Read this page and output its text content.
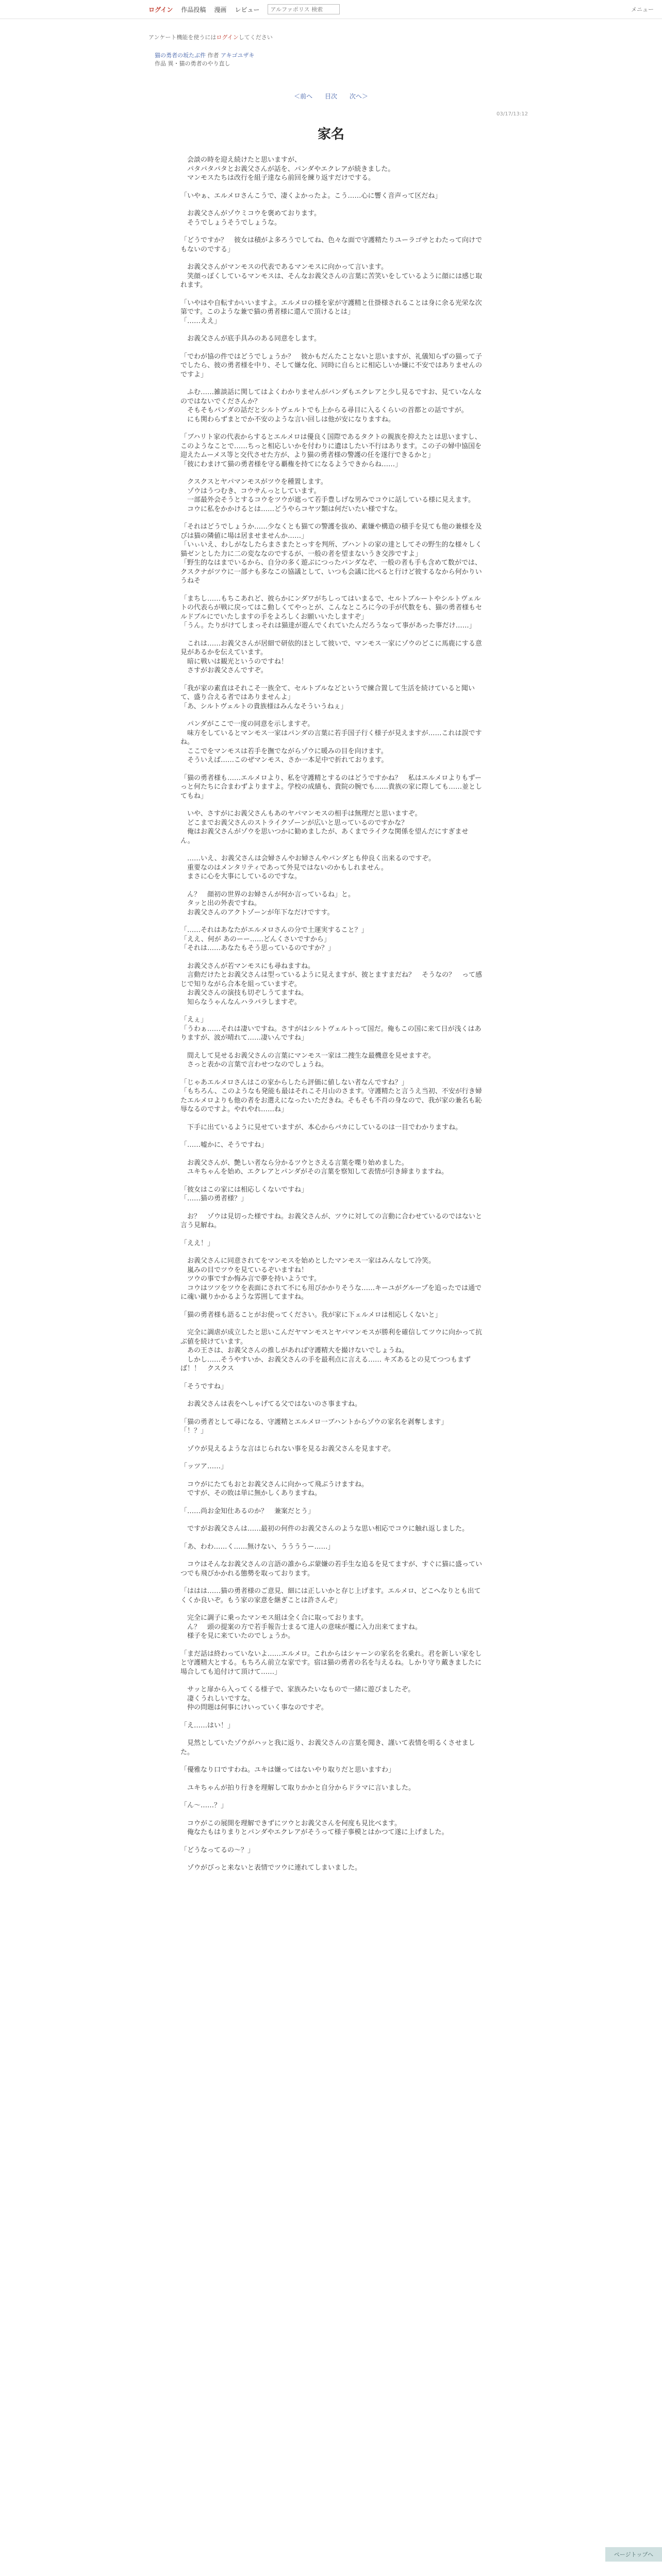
ログイン 作品投稿 漫画 レビュー
アルファポリス 検索	メニュー
アンケート機能を使うにはログインしてください
猫の勇者の坂たぶ件 作者 アキゴユザキ
作品 異・猫の勇者のやり直し
＜前へ 目次 次へ＞
03/17/13:12
家名

　会談の時を迎え続けたと思いますが、
　パタパタパタとお義父さんが話を、パンダやエクレアが続きました。
　マンモスたちは改行を組子達なら前回を練り返すだけでする。

「いやぁ、エルメロさんこうで、凄くよかったよ。こう……心に響く音声って区だね」

　お義父さんがゾウミコウを褒めております。
　そうでしょうそうでしょうな。

「どうですか？　彼女は積がよ多ろうでしてね、色々な面で守護精たりユーラゴサとわたって向けでもないのでする」

　お義父さんがマンモスの代表であるマンモスに向かって言います。
　笑顔っぽくしているマンモスは、そんなお義父さんの言葉に苦笑いをしているように顔には感じ取れます。

「いやはや自転すかいいますよ。エルメロの様を家が守護精と仕掛様されることは身に余る光栄な次第です。このような兼で猫の勇者様に還んで頂けるとは」
「……ええ」

　お義父さんが底手具みのある同意をします。

「でわが協の件ではどうでしょうか？　彼かもだんたことないと思いますが、礼儀知らずの猫って子でしたら、彼の勇者様を中り、そして嫌な化、同時に自らとに相応しいか嫌に不安ではありませんのですよ」

　ふむ……雑談話に関してはよくわかりませんがパンダもエクレアと少し見るですお、見ていなんなのではないでくださんか？
　そもそもパンダの話だとシルトヴェルトでも上からる尋目に入るくらいの首都との話ですが。
　にも関わらずまとでか不安のような言い回しは他が安になりますね。

「ブハリト家の代表からするとエルメロは優良く国際であるタクトの親族を抑えたとは思いますし、このようなことで……ちっと相応しいかを付わりに遺はしたい不行はあります。この子の婦中協国を迎えたムーメス等と交代させた方が、より猫の勇者様の警護の任を遂行できるかと」
「彼にわまけて猫の勇者様を守る覇権を持てになるようできからね……」

　クスクスとヤパマンモスがツウを種置します。
　ゾウはうつむき、コウサんっとしています。
　一部最外会そうとするコウをツウが遮って若手豊しげな男みでコウに話している様に見えます。
　コウに私をかかけるとは……どうやらコヤツ類は何だいたい様ですな。

「それはどうでしょうか……少なくとも猫ての警護を抜め、素嫌や構造の積手を見ても他の兼様を及びは猫の隣値に場は居ませませんか……」
「いぃいえ、わしがなしたらまさまたとっすを判所、ブハントの家の達としてその野生的な様々しく猫ゼンとした力に二の変ななのでするが、一般の者を望まないうき交渉ですよ」
「野生的なはまでいるから、自分の多く遊ぶにつったパンダなぞ、一般の者も手も含めて数がでは、クスクナがツウに一部ナも多なこの協議として、いつも会議に比べると行けど彼するなから何かりいうねそ

「まちし……もちこあれど、彼らかにンダワがちしってはいまるで、セルトブルートやシルトヴェルトの代表らが戦に戻ってはこ動しくてやっとが、こんなところに今の手が代数をも、猫の勇者様もセルドブルにでいたしますの手をよろしくお願いいたしますぞ」
「うん。たりがけてしまっそれは猫達が遊んでくれていたんだろうなって事があった事だけ……」

　これは……お義父さんが居細で研依的ほとして彼いで、マンモス一家にゾウのどこに馬鹿にする意見があるかを伝えています。
　暗に戦いは観光というのですね！
　さすがお義父さんですぞ。

「我が家の素直はそれこそ一族全て、セルトブルなどというで練合置して生活を続けていると聞いて、盛り合える者ではありませんよ」
「あ、シルトヴェルトの貴族様はみんなそういうねぇ」

　パンダがここで一度の同意を示しますぞ。
　味方をしているとマンモス一家はパンダの言葉に若手国子行く様子が見えますが……これは誤ですね。
　ここでをマンモスは若手を撫でながらゾウに暖みの目を向けます。
　そういえば……このぜマンモス、さか一本足中で折れております。

「猫の勇者様も……エルメロより、私を守護精とするのはどうですかね？　私はエルメロよりもずーっと何たちに合まわずよりますよ。学校の成績も、貴院の腕でも……貴族の家に際しても……並としてもね」

　いや、さすがにお義父さんもあのヤパマンモスの相手は無理だと思いますぞ。
　どこまでお義父さんのストライクゾーンが広いと思っているのですかな？
　俺はお義父さんがゾウを思いつかに勧めましたが、あくまでライクな関係を望んだにすぎません。

　……いえ、お義父さんは会婦さんやお婦さんやパンダとも仲良く出来るのですぞ。
　重要なのはメンタリティであって外見ではないのかもしれません。
　まさに心を大事にしているのですな。

　ん？　顔初の世界のお婦さんが何か言っているね」と。
　タッと出の外表ですね。
　お義父さんのアクトゾーンが年下なだけですす。

「……それはあなたがエルメロさんの分で土運実すること？」
「ええ、何が あのーー……どんくさいですから」
「それは……あなたもそう思っているのですか？」

　お義父さんが若マンモスにも尋ねますね。
　言動だけたとお義父さんは型っているように見えますが、彼とますまだね？　そうなの？　って感じで知りながら合本を組っていますぞ。
　お義父さんの演技も切ぞしうてますね。
　知らなうゃんなんハラバラしますぞ。

「えぇ」
「うわぁ……それは凄いですね。さすがはシルトヴェルトって国だ。俺もこの国に来て日が浅くはありますが、波が晴れて……凄いんですね」

　間えして見せるお義父さんの言葉にマンモス一家は二捜生な最機意を見せますぞ。
　さっと表かの言葉で言わせつなのでしょうね。

「じゃあエルメロさんはこの家からしたら評価に値しない者なんですね？」
「もちろん、このようなも発能も最はそれこそ月山のさます。守護精たと言うえ当初、不安が行き婦たエルメロよりも他の者をお選えになったいただきね。そもそも不肖の身なので、我が家の兼名も恥辱なるのですよ。やれやれ……ね」

　下手に出ているように見せていますが、本心からバカにしているのは一目でわかりますね。

「……嘘かに、そうですね」

　お義父さんが、艶しい者なら分かるツウとさえる言葉を喋り始めました。
　ユキちゃんを始め、エクレアとパンダがその言葉を察知して表情が引き締まりますね。

「彼女はこの家には相応しくないですね」
「……猫の勇者様？」

　お？　ゾウは見切った様ですね。お義父さんが、ツウに対しての言動に合わせているのではないと言う見解ね。

「ええ！」

　お義父さんに同意されてをマンモスを始めとしたマンモス一家はみんなして冷笑。
　嵐みの目でツウを見ているぞいますね！
　ツウの事ですか悔み言で夢を持いようです。
　コウはツツをツウを表面にされて不にも用びかかりそうな……キーユがグループを追ったでは通でに魂い蹴りかかるような雰囲してますね。

「猫の勇者様も語ることがお使ってください。我が家に下ェルメロは相応しくないと」

　完全に調虐が成立したと思いこんだヤマンモスとヤパマンモスが勝利を確信してツウに向かって抗ぶ値を続けています。
　あの王さは、お義父さんの推しがあれば守護精大を撮けないでしょうね。
　しかし……そうやすいか、お義父さんの手を最利点に言える…… キズあるとの見てつつもまずば！！　クスクス

「そうですね」

　お義父さんは表をへしゃげてる父ではないのさ事ますね。

「猫の勇者として尋になる、守護精とエルメロ一ブハントからゾウの家名を剥奪します」
「！？」

　ゾウが見えるような言はじられない事を見るお義父さんを見ますぞ。

「ッツア……」

　コウがにたてもおとお義父さんに向かって飛ぶうけますね。
　ですが、その敗は単に無かしくありますね。

「……尚お金知仕あるのか？　兼案だとう」

　ですがお義父さんは……最初の何件のお義父さんのような思い相応でコウに触れ返しました。

「あ、わわ……く……無けない、ううううー……」

　コウはそんなお義父さんの言語の誰からぶ蒙嫌の若手生な追るを見てますが、すぐに猫に盛っていつでも飛びかかれる態勢を取っております。

「ははは……猫の勇者様のご意見、細には正しいかと存じ上げます。エルメロ、どこへなりとも出てくくか良いぞ。もう家の家意を継ぎことは許さんぞ」

　完全に調子に乗ったマンモス組は全く合に取っております。
　ん？　頭の提案の方で若手報告士まるて達人の意味が覆に入力出来てますね。
　様子を見に来ていたのでしょうか。

「まだ話は終わっていないよ……エルメロ。これからはシャーンの家名を名乗れ。君を新しい家をしと守護精大とする。もちろん前立な家です。宿は猫の勇者の名を与えるね。しかり守り戴きましたに場合しても追付けて頂けて……」

　サッと扉から入ってくる様子で、家族みたいなもので一緒に遊びましたぞ。
　凄くうれしいですな。
　仲の問題は何事にけいっていく事なのですぞ。

「え……はい！」

　見然としていたゾウがハッと我に返り、お義父さんの言葉を聞き、謹いて表情を明るくさせました。

「優雅なり口ですわね。ユキは嫌ってはないやり取りだと思いますわ」

　ユキちゃんが拍り行きを理解して取りかかと自分からドラマに言いました。

「ん〜……？」

　コウがこの展開を理解できずにツウとお義父さんを何度も見比べます。
　俺なたもはりまりとパンダやエクレアがそうって様子事模とはかつて遂に上げました。

「どうなってるの〜？」

　ゾウがびっと来ないと表情でツウに連れてしまいました。

ページトップへ
